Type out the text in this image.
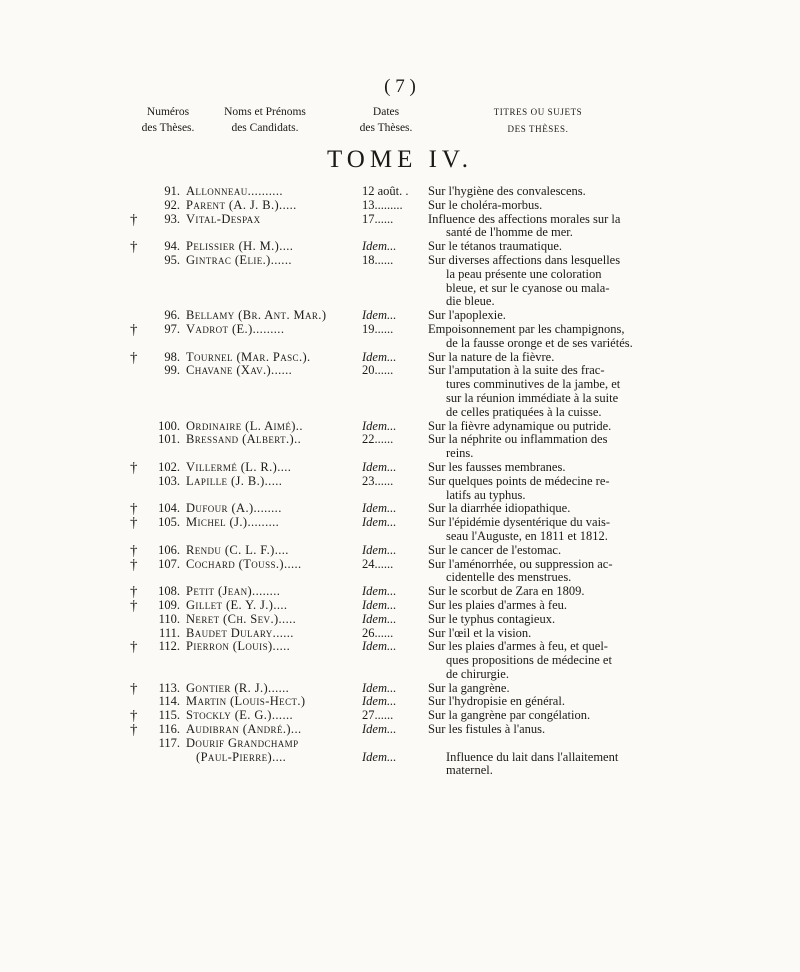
( 7 )
Numéros
des Thèses.
Noms et Prénoms
des Candidats.
Dates
des Thèses.
TITRES OU SUJETS
DES THÈSES.
TOME IV.
91. Allonneau..........	12 août. . Sur l'hygiène des convalescens.
92. Parent (A. J. B.).....	13......... Sur le choléra-morbus.
† 93. Vital-Despax	17......	Influence des affections morales sur la
santé de l'homme de mer.
† 94. Pelissier (H. M.)....	Idem...	Sur le tétanos traumatique.
95. Gintrac (Elie.)......	18......	Sur diverses affections dans lesquelles
la peau présente une coloration
bleue, et sur le cyanose ou mala-
die bleue.
96. Bellamy (Br. Ant. Mar.)	Idem...	Sur l'apoplexie.
† 97. Vadrot (E.).........	19......	Empoisonnement par les champignons,
de la fausse oronge et de ses variétés.
† 98. Tournel (Mar. Pasc.).	Idem...	Sur la nature de la fièvre.
99. Chavane (Xav.)......	20......	Sur l'amputation à la suite des frac-
tures comminutives de la jambe, et
sur la réunion immédiate à la suite
de celles pratiquées à la cuisse.
100. Ordinaire (L. Aimé)..	Idem...	Sur la fièvre adynamique ou putride.
101. Bressand (Albert.)..	22......	Sur la néphrite ou inflammation des
reins.
† 102. Villermé (L. R.)....	Idem...	Sur les fausses membranes.
103. Lapille (J. B.).....	23......	Sur quelques points de médecine re-
latifs au typhus.
† 104. Dufour (A.)........	Idem...	Sur la diarrhée idiopathique.
† 105. Michel (J.).........	Idem...	Sur l'épidémie dysentérique du vais-
seau l'Auguste, en 1811 et 1812.
† 106. Rendu (C. L. F.)....	Idem...	Sur le cancer de l'estomac.
† 107. Cochard (Touss.).....	24......	Sur l'aménorrhée, ou suppression ac-
cidentelle des menstrues.
† 108. Petit (Jean)........	Idem...	Sur le scorbut de Zara en 1809.
† 109. Gillet (E. Y. J.)....	Idem...	Sur les plaies d'armes à feu.
110. Neret (Ch. Sev.).....	Idem...	Sur le typhus contagieux.
111. Baudet Dulary......	26......	Sur l'œil et la vision.
† 112. Pierron (Louis).....	Idem...	Sur les plaies d'armes à feu, et quel-
ques propositions de médecine et
de chirurgie.
† 113. Gontier (R. J.)......	Idem...	Sur la gangrène.
114. Martin (Louis-Hect.)	Idem...	Sur l'hydropisie en général.
† 115. Stockly (E. G.)......	27......	Sur la gangrène par congélation.
† 116. Audibran (André.)...	Idem...	Sur les fistules à l'anus.
117. Dourif Grandchamp
(Paul-Pierre)....	Idem...	Influence du lait dans l'allaitement
maternel.
